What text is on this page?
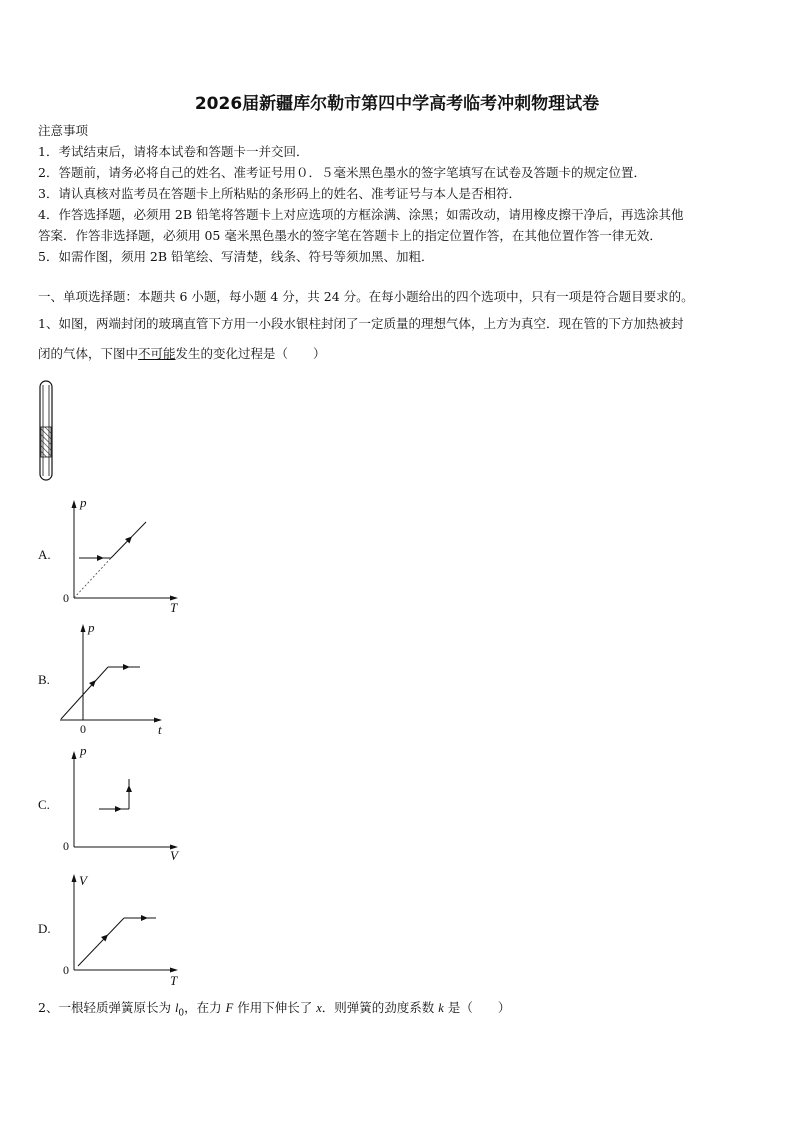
2026届新疆库尔勒市第四中学高考临考冲刺物理试卷
注意事项
1．考试结束后，请将本试卷和答题卡一并交回．
2．答题前，请务必将自己的姓名、准考证号用０．５毫米黑色墨水的签字笔填写在试卷及答题卡的规定位置．
3．请认真核对监考员在答题卡上所粘贴的条形码上的姓名、准考证号与本人是否相符．
4．作答选择题，必须用 2B 铅笔将答题卡上对应选项的方框涂满、涂黑；如需改动，请用橡皮擦干净后，再选涂其他
答案．作答非选择题，必须用 05 毫米黑色墨水的签字笔在答题卡上的指定位置作答，在其他位置作答一律无效．
5．如需作图，须用 2B 铅笔绘、写清楚，线条、符号等须加黑、加粗．
一、单项选择题：本题共 6 小题，每小题 4 分，共 24 分。在每小题给出的四个选项中，只有一项是符合题目要求的。
1、如图，两端封闭的玻璃直管下方用一小段水银柱封闭了一定质量的理想气体，上方为真空．现在管的下方加热被封
闭的气体，下图中不可能发生的变化过程是（　　）
A.
p
T
0
B.
p
t
0
C.
p
V
0
D.
V
T
0
2、一根轻质弹簧原长为 $l_0$，在力 F 作用下伸长了 x．则弹簧的劲度系数 k 是（　　）
